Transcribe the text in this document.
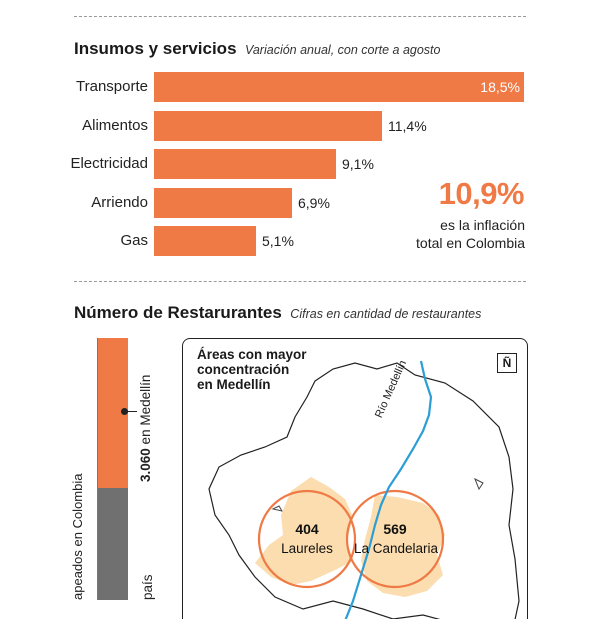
Insumos y servicios Variación anual, con corte a agosto
Transporte	18,5%
Alimentos	11,4%
Electricidad	9,1%
Arriendo	6,9%
Gas	5,1%
10,9%
es la inflación
total en Colombia
Número de Restarurantes Cifras en cantidad de restaurantes
3.060 en Medellín
apeados en Colombia	país
Áreas con mayor
concentración
en Medellín
Ñ
Río Medellín
404
Laureles
569
La Candelaria
